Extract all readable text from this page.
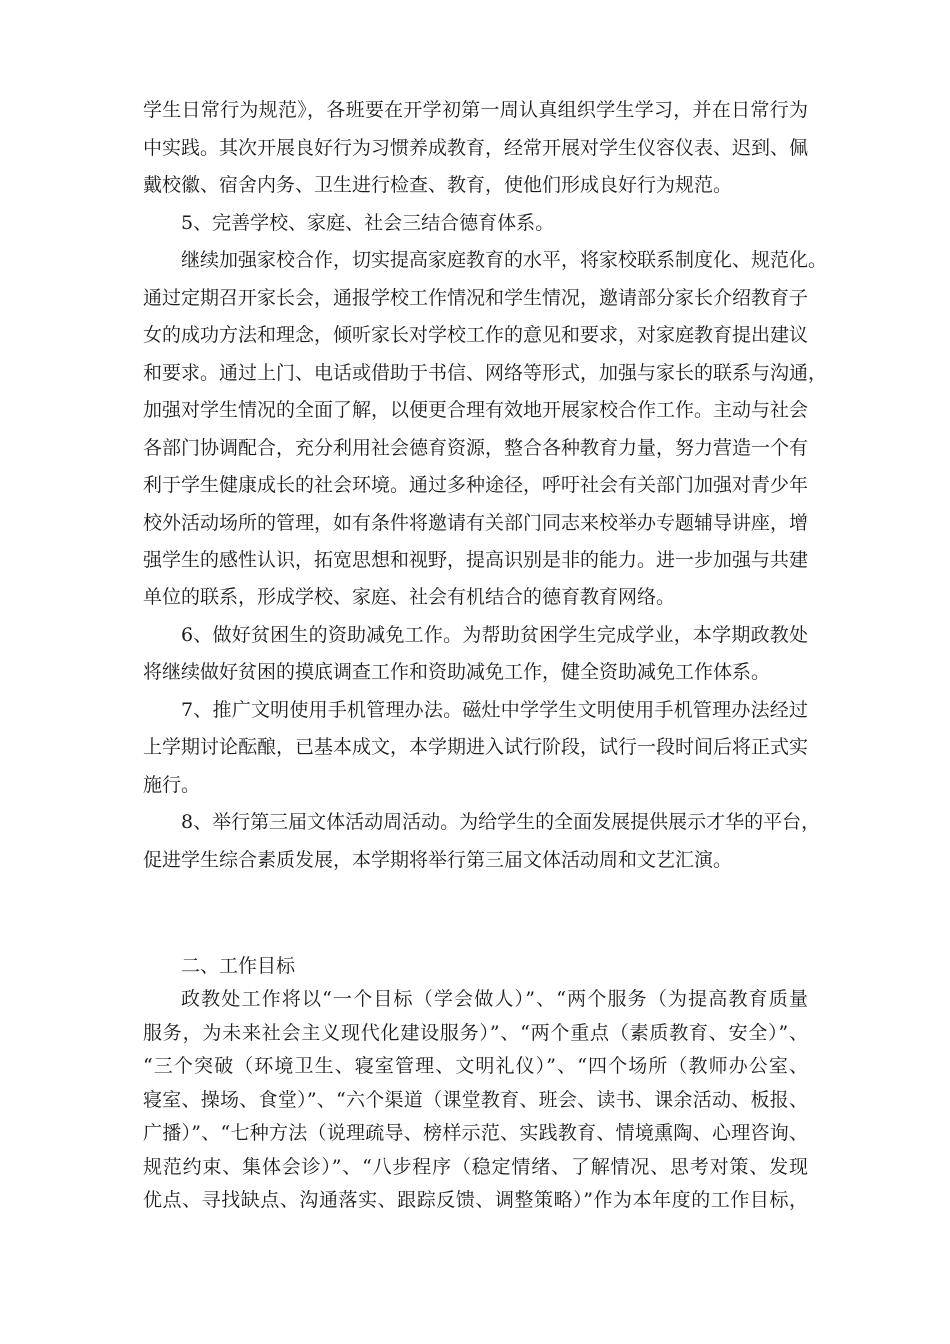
学生日常行为规范》，各班要在开学初第一周认真组织学生学习，并在日常行为
中实践。其次开展良好行为习惯养成教育，经常开展对学生仪容仪表、迟到、佩
戴校徽、宿舍内务、卫生进行检查、教育，使他们形成良好行为规范。
5、完善学校、家庭、社会三结合德育体系。
继续加强家校合作，切实提高家庭教育的水平，将家校联系制度化、规范化。
通过定期召开家长会，通报学校工作情况和学生情况，邀请部分家长介绍教育子
女的成功方法和理念，倾听家长对学校工作的意见和要求，对家庭教育提出建议
和要求。通过上门、电话或借助于书信、网络等形式，加强与家长的联系与沟通，
加强对学生情况的全面了解，以便更合理有效地开展家校合作工作。主动与社会
各部门协调配合，充分利用社会德育资源，整合各种教育力量，努力营造一个有
利于学生健康成长的社会环境。通过多种途径，呼吁社会有关部门加强对青少年
校外活动场所的管理，如有条件将邀请有关部门同志来校举办专题辅导讲座，增
强学生的感性认识，拓宽思想和视野，提高识别是非的能力。进一步加强与共建
单位的联系，形成学校、家庭、社会有机结合的德育教育网络。
6、做好贫困生的资助减免工作。为帮助贫困学生完成学业，本学期政教处
将继续做好贫困的摸底调查工作和资助减免工作，健全资助减免工作体系。
7、推广文明使用手机管理办法。磁灶中学学生文明使用手机管理办法经过
上学期讨论酝酿，已基本成文，本学期进入试行阶段，试行一段时间后将正式实
施行。
8、举行第三届文体活动周活动。为给学生的全面发展提供展示才华的平台，
促进学生综合素质发展，本学期将举行第三届文体活动周和文艺汇演。
二、工作目标
政教处工作将以“一个目标（学会做人）”、“两个服务（为提高教育质量
服务，为未来社会主义现代化建设服务）”、“两个重点（素质教育、安全）”、
“三个突破（环境卫生、寝室管理、文明礼仪）”、“四个场所（教师办公室、
寝室、操场、食堂）”、“六个渠道（课堂教育、班会、读书、课余活动、板报、
广播）”、“七种方法（说理疏导、榜样示范、实践教育、情境熏陶、心理咨询、
规范约束、集体会诊）”、“八步程序（稳定情绪、了解情况、思考对策、发现
优点、寻找缺点、沟通落实、跟踪反馈、调整策略）”作为本年度的工作目标，
